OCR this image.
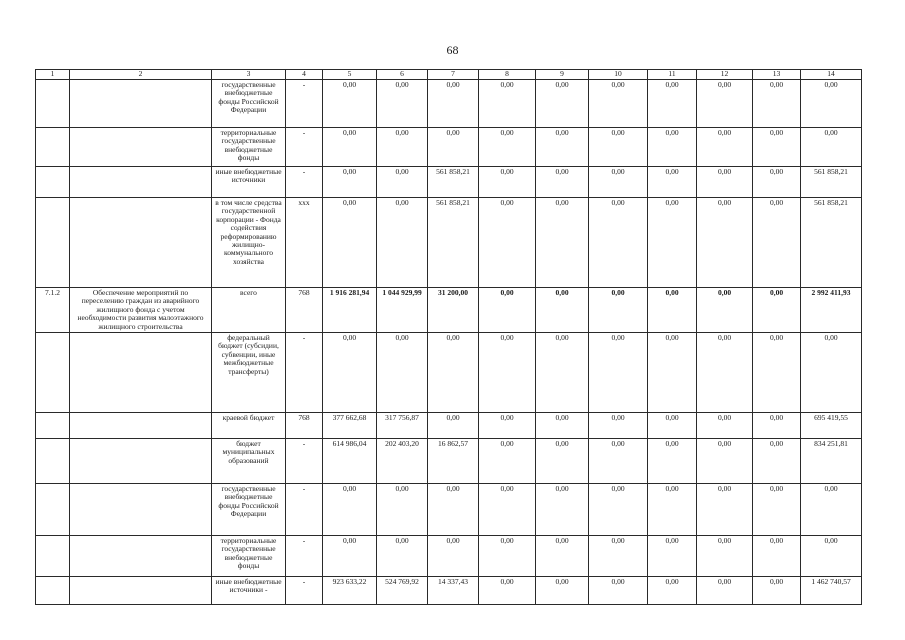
68
1	2	3	4	5	6	7	8	9	10	11	12	13	14
		государственные внебюджетные фонды Российской Федерации	-	0,00	0,00	0,00	0,00	0,00	0,00	0,00	0,00	0,00	0,00
		территориальные государственные внебюджетные фонды	-	0,00	0,00	0,00	0,00	0,00	0,00	0,00	0,00	0,00	0,00
		иные внебюджетные источники	-	0,00	0,00	561 858,21	0,00	0,00	0,00	0,00	0,00	0,00	561 858,21
		в том числе средства государственной корпорации - Фонда содействия реформированию жилищно-коммунального хозяйства	xxx	0,00	0,00	561 858,21	0,00	0,00	0,00	0,00	0,00	0,00	561 858,21
7.1.2	Обеспечение мероприятий по переселению граждан из аварийного жилищного фонда с учетом необходимости развития малоэтажного жилищного строительства	всего	768	1 916 281,94	1 044 929,99	31 200,00	0,00	0,00	0,00	0,00	0,00	0,00	2 992 411,93
		федеральный бюджет (субсидии, субвенции, иные межбюджетные трансферты)	-	0,00	0,00	0,00	0,00	0,00	0,00	0,00	0,00	0,00	0,00
		краевой бюджет	768	377 662,68	317 756,87	0,00	0,00	0,00	0,00	0,00	0,00	0,00	695 419,55
		бюджет муниципальных образований	-	614 986,04	202 403,20	16 862,57	0,00	0,00	0,00	0,00	0,00	0,00	834 251,81
		государственные внебюджетные фонды Российской Федерации	-	0,00	0,00	0,00	0,00	0,00	0,00	0,00	0,00	0,00	0,00
		территориальные государственные внебюджетные фонды	-	0,00	0,00	0,00	0,00	0,00	0,00	0,00	0,00	0,00	0,00
		иные внебюджетные источники -	-	923 633,22	524 769,92	14 337,43	0,00	0,00	0,00	0,00	0,00	0,00	1 462 740,57
